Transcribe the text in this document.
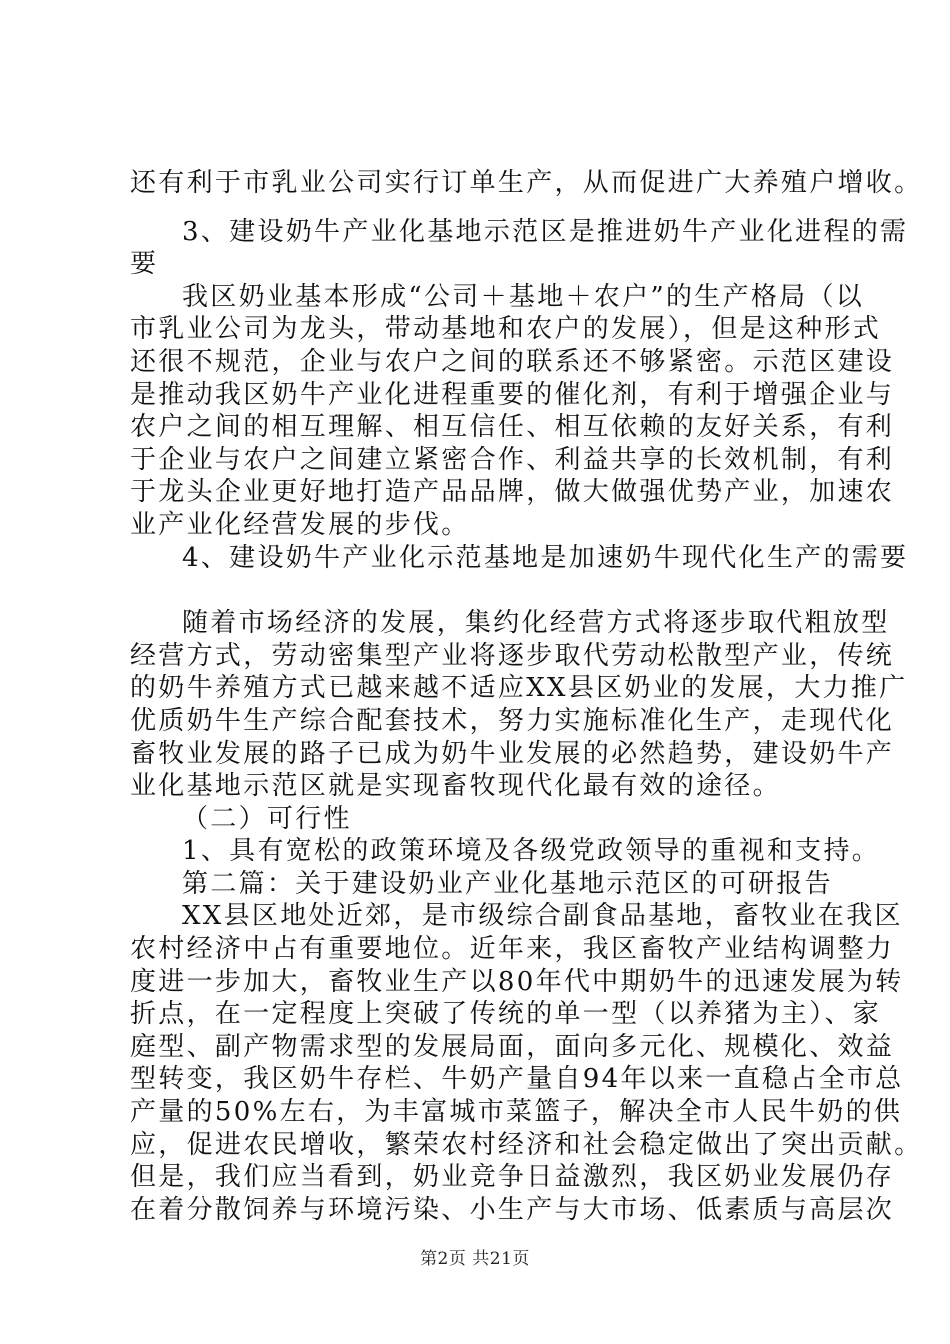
还有利于市乳业公司实行订单生产，从而促进广大养殖户增收。
3、建设奶牛产业化基地示范区是推进奶牛产业化进程的需
要
我区奶业基本形成“公司＋基地＋农户”的生产格局（以
市乳业公司为龙头，带动基地和农户的发展），但是这种形式
还很不规范，企业与农户之间的联系还不够紧密。示范区建设
是推动我区奶牛产业化进程重要的催化剂，有利于增强企业与
农户之间的相互理解、相互信任、相互依赖的友好关系，有利
于企业与农户之间建立紧密合作、利益共享的长效机制，有利
于龙头企业更好地打造产品品牌，做大做强优势产业，加速农
业产业化经营发展的步伐。
4、建设奶牛产业化示范基地是加速奶牛现代化生产的需要
随着市场经济的发展，集约化经营方式将逐步取代粗放型
经营方式，劳动密集型产业将逐步取代劳动松散型产业，传统
的奶牛养殖方式已越来越不适应XX县区奶业的发展，大力推广
优质奶牛生产综合配套技术，努力实施标准化生产，走现代化
畜牧业发展的路子已成为奶牛业发展的必然趋势，建设奶牛产
业化基地示范区就是实现畜牧现代化最有效的途径。
（二）可行性
1、具有宽松的政策环境及各级党政领导的重视和支持。
第二篇：关于建设奶业产业化基地示范区的可研报告
XX县区地处近郊，是市级综合副食品基地，畜牧业在我区
农村经济中占有重要地位。近年来，我区畜牧产业结构调整力
度进一步加大，畜牧业生产以80年代中期奶牛的迅速发展为转
折点，在一定程度上突破了传统的单一型（以养猪为主）、家
庭型、副产物需求型的发展局面，面向多元化、规模化、效益
型转变，我区奶牛存栏、牛奶产量自94年以来一直稳占全市总
产量的50%左右，为丰富城市菜篮子，解决全市人民牛奶的供
应，促进农民增收，繁荣农村经济和社会稳定做出了突出贡献。
但是，我们应当看到，奶业竞争日益激烈，我区奶业发展仍存
在着分散饲养与环境污染、小生产与大市场、低素质与高层次
第2页 共21页
